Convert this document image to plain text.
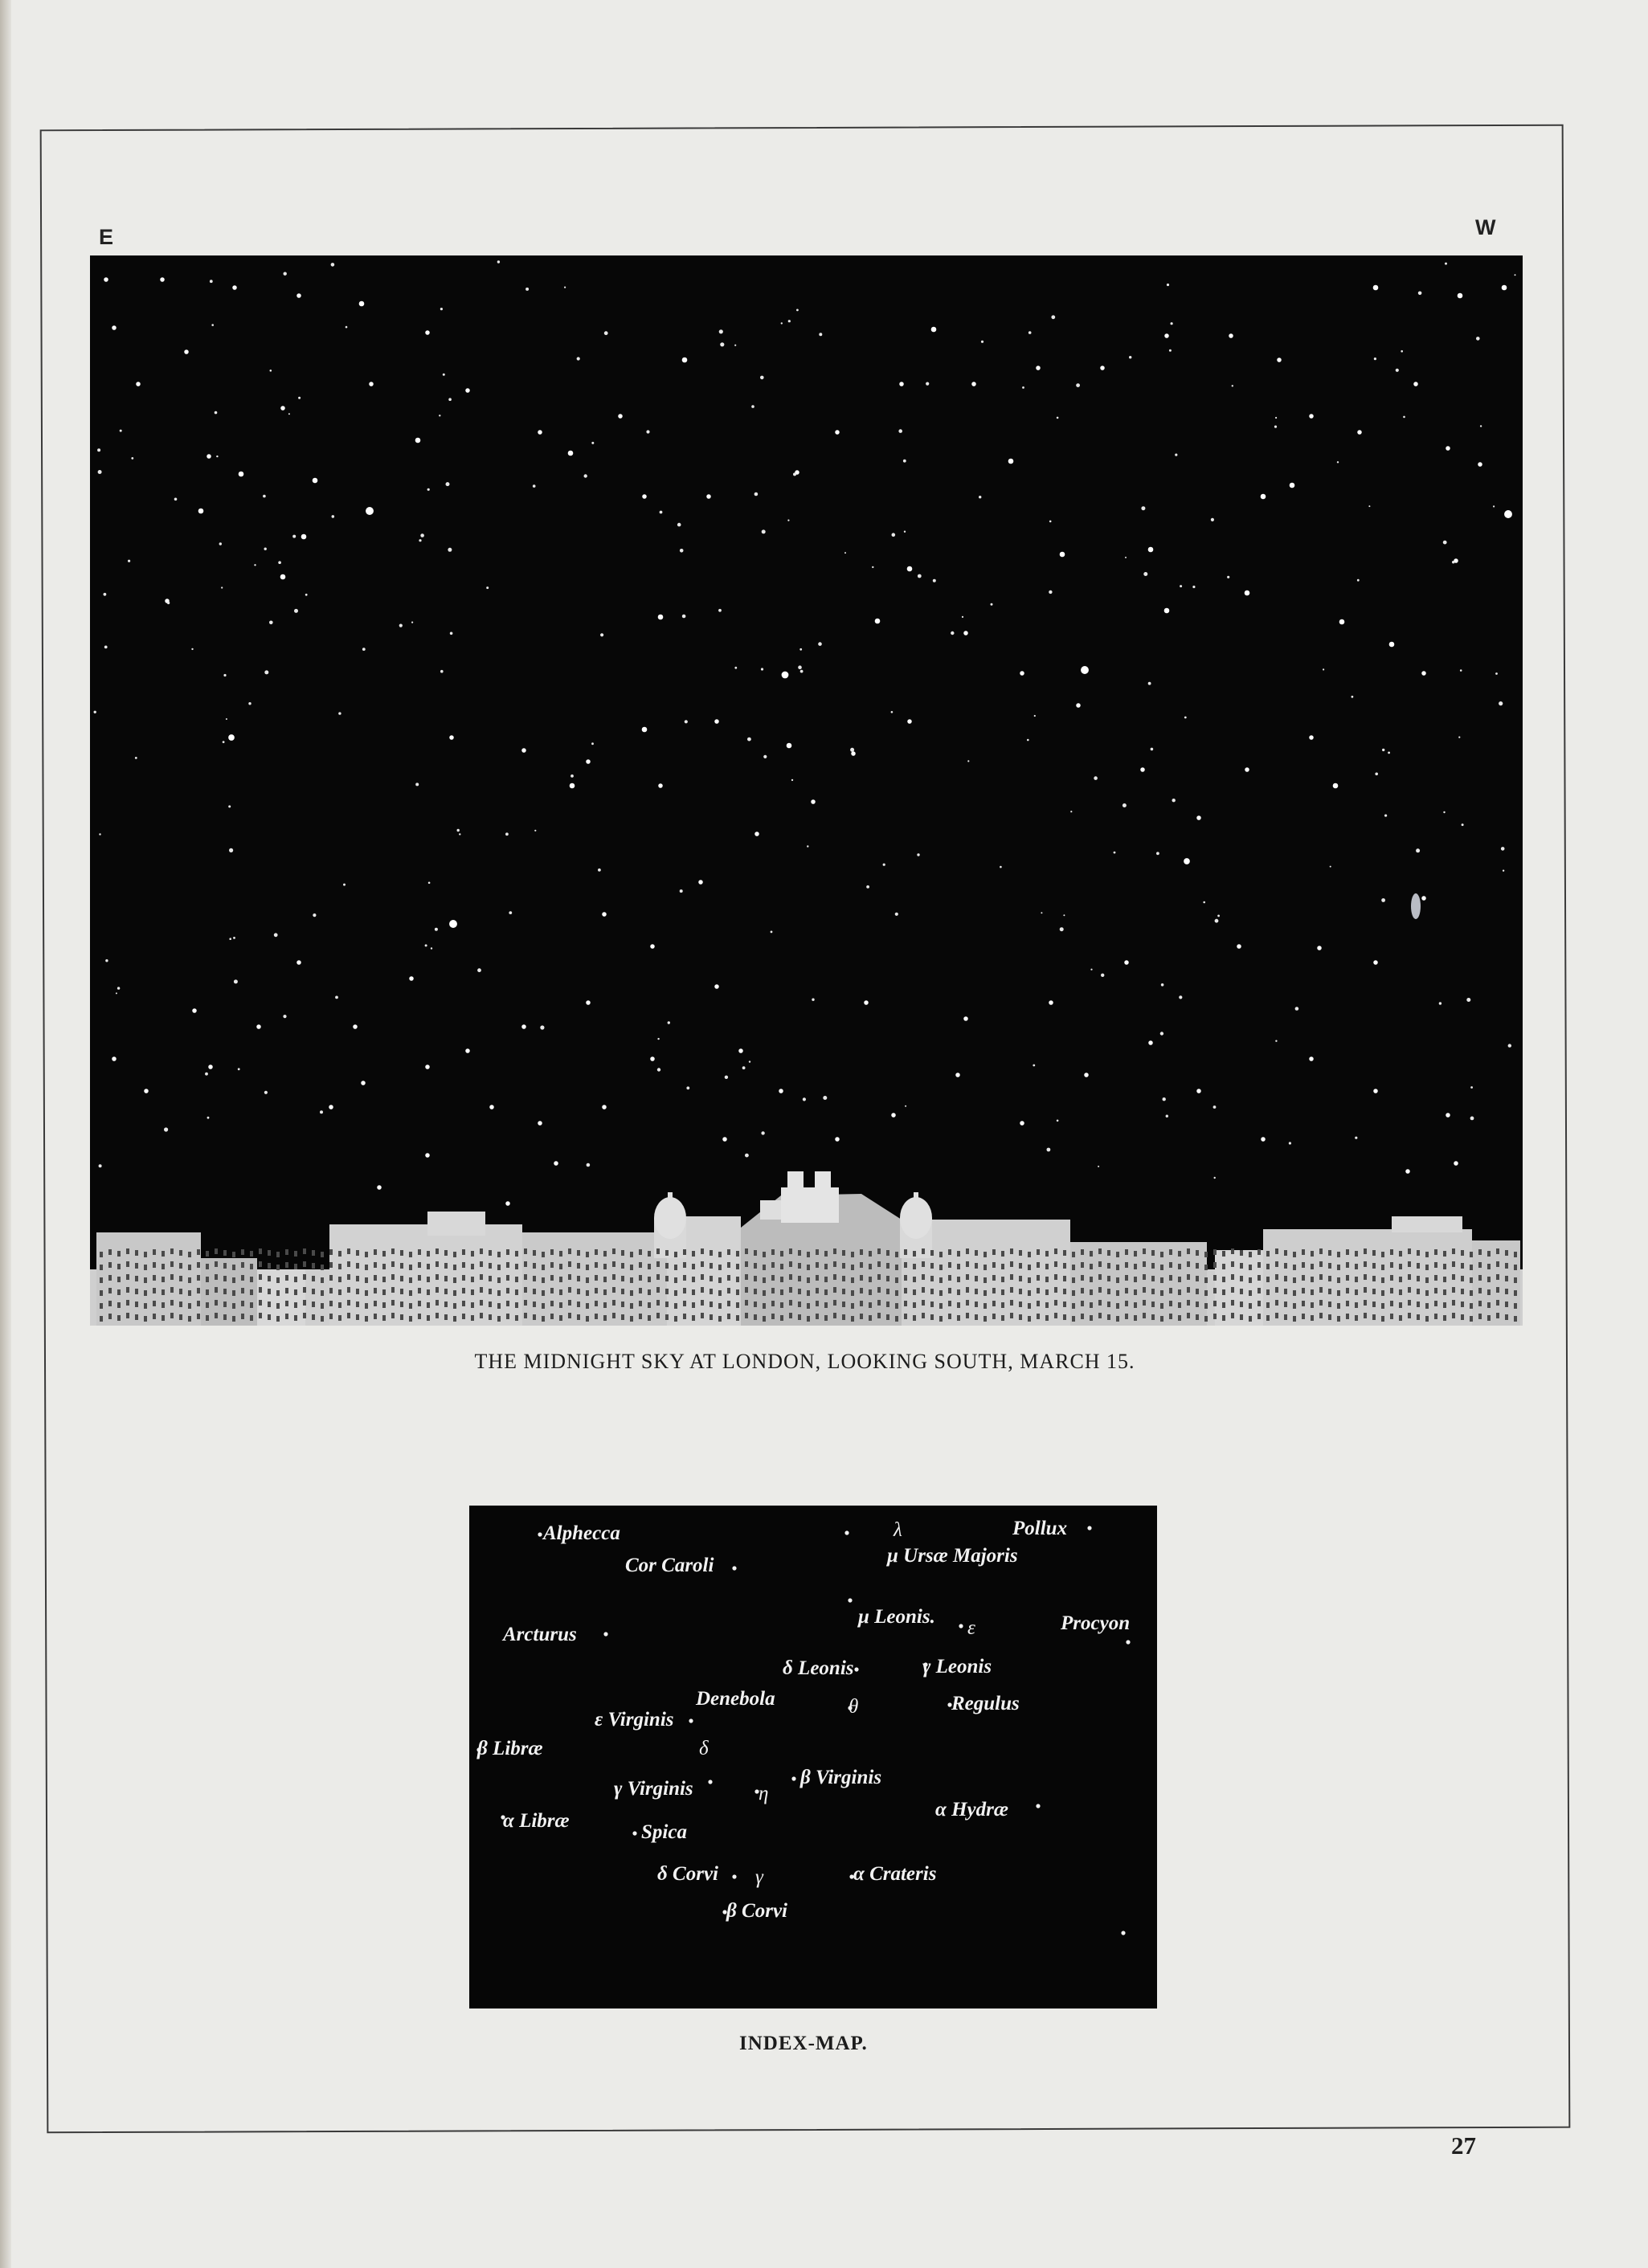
E	W
THE MIDNIGHT SKY AT LONDON, LOOKING SOUTH, MARCH 15.
Alphecca	λ	Pollux
Cor Caroli	μ Ursæ Majoris
Arcturus
μ Leonis.
ε	Procyon
δ Leonis	γ Leonis
Denebola	θ	Regulus
ε Virginis
β Libræ	δ
γ Virginis	η
β Virginis
α Hydræ
α Libræ
Spica
δ Corvi γ	α Crateris
β Corvi
INDEX-MAP.
27
